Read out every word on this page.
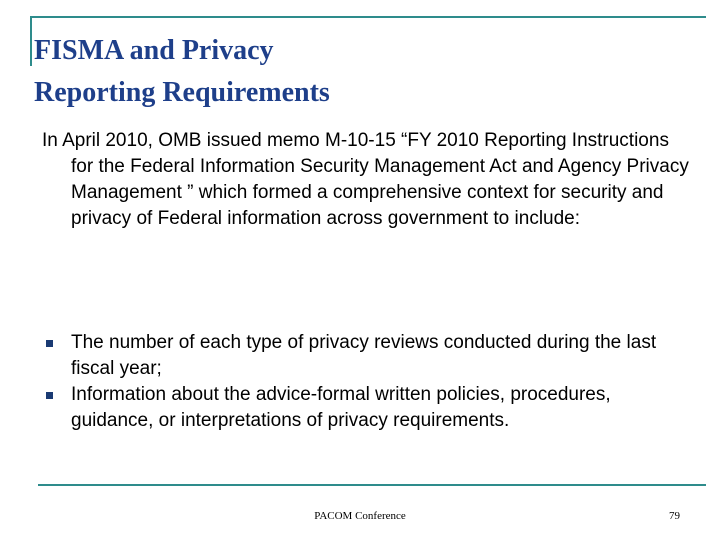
FISMA and Privacy
Reporting Requirements

In April 2010, OMB issued memo M-10-15 “FY 2010 Reporting Instructions for the Federal Information Security Management Act and Agency Privacy Management ” which formed a comprehensive context for security and privacy of Federal information across government to include:

The number of each type of privacy reviews conducted during the last fiscal year;
Information about the advice-formal written policies, procedures, guidance, or interpretations of privacy requirements.
PACOM Conference	79
